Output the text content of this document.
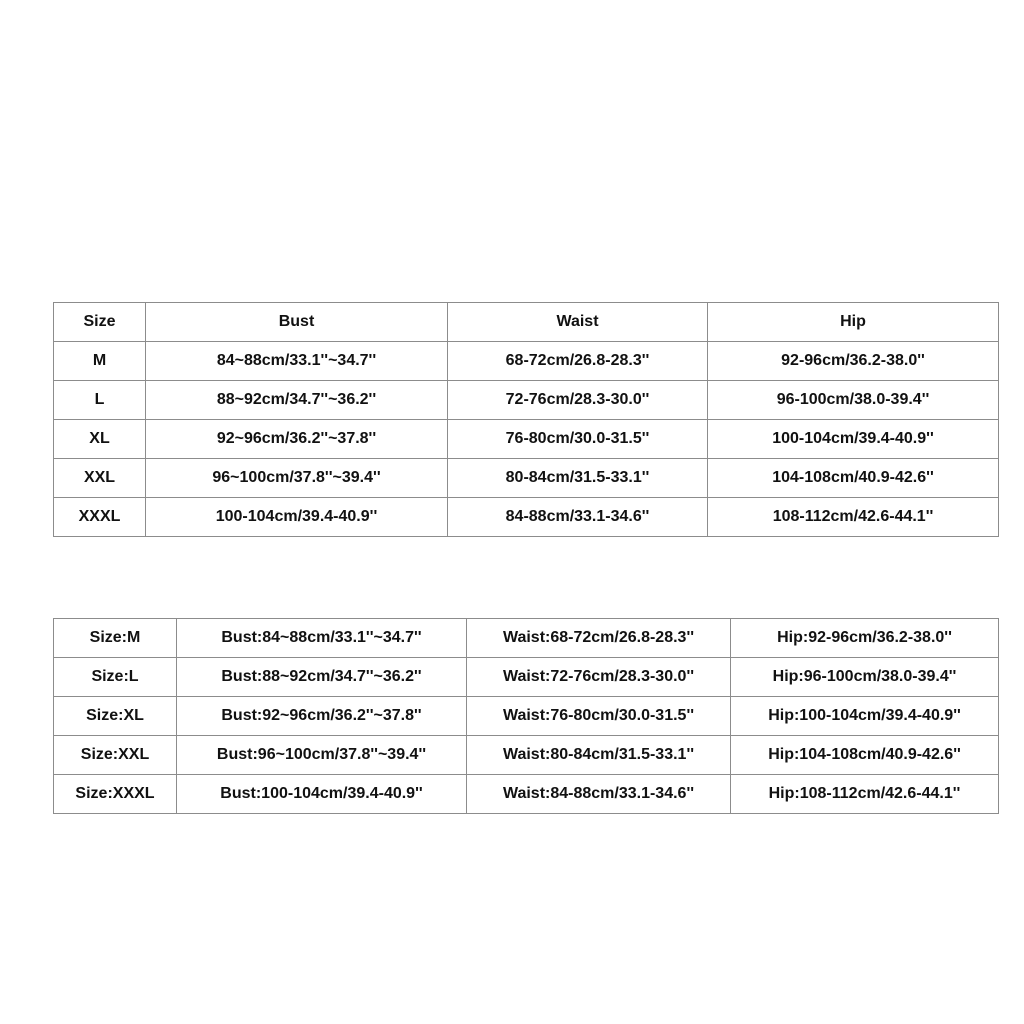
Size	Bust	Waist	Hip
M	84~88cm/33.1''~34.7''	68-72cm/26.8-28.3''	92-96cm/36.2-38.0''
L	88~92cm/34.7''~36.2''	72-76cm/28.3-30.0''	96-100cm/38.0-39.4''
XL	92~96cm/36.2''~37.8''	76-80cm/30.0-31.5''	100-104cm/39.4-40.9''
XXL	96~100cm/37.8''~39.4''	80-84cm/31.5-33.1''	104-108cm/40.9-42.6''
XXXL	100-104cm/39.4-40.9''	84-88cm/33.1-34.6''	108-112cm/42.6-44.1''
Size:M	Bust:84~88cm/33.1''~34.7''	Waist:68-72cm/26.8-28.3''	Hip:92-96cm/36.2-38.0''
Size:L	Bust:88~92cm/34.7''~36.2''	Waist:72-76cm/28.3-30.0''	Hip:96-100cm/38.0-39.4''
Size:XL	Bust:92~96cm/36.2''~37.8''	Waist:76-80cm/30.0-31.5''	Hip:100-104cm/39.4-40.9''
Size:XXL	Bust:96~100cm/37.8''~39.4''	Waist:80-84cm/31.5-33.1''	Hip:104-108cm/40.9-42.6''
Size:XXXL	Bust:100-104cm/39.4-40.9''	Waist:84-88cm/33.1-34.6''	Hip:108-112cm/42.6-44.1''
